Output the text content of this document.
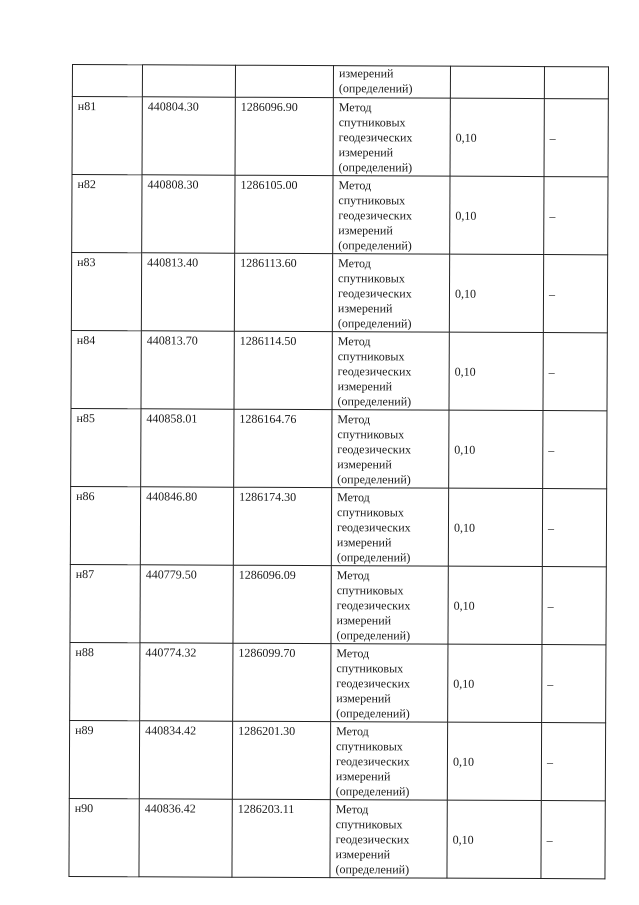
			измерений
(определений)		
н81	440804.30	1286096.90	Метод
спутниковых
геодезических
измерений
(определений)	0,10	–
н82	440808.30	1286105.00	Метод
спутниковых
геодезических
измерений
(определений)	0,10	–
н83	440813.40	1286113.60	Метод
спутниковых
геодезических
измерений
(определений)	0,10	–
н84	440813.70	1286114.50	Метод
спутниковых
геодезических
измерений
(определений)	0,10	–
н85	440858.01	1286164.76	Метод
спутниковых
геодезических
измерений
(определений)	0,10	–
н86	440846.80	1286174.30	Метод
спутниковых
геодезических
измерений
(определений)	0,10	–
н87	440779.50	1286096.09	Метод
спутниковых
геодезических
измерений
(определений)	0,10	–
н88	440774.32	1286099.70	Метод
спутниковых
геодезических
измерений
(определений)	0,10	–
н89	440834.42	1286201.30	Метод
спутниковых
геодезических
измерений
(определений)	0,10	–
н90	440836.42	1286203.11	Метод
спутниковых
геодезических
измерений
(определений)	0,10	–
